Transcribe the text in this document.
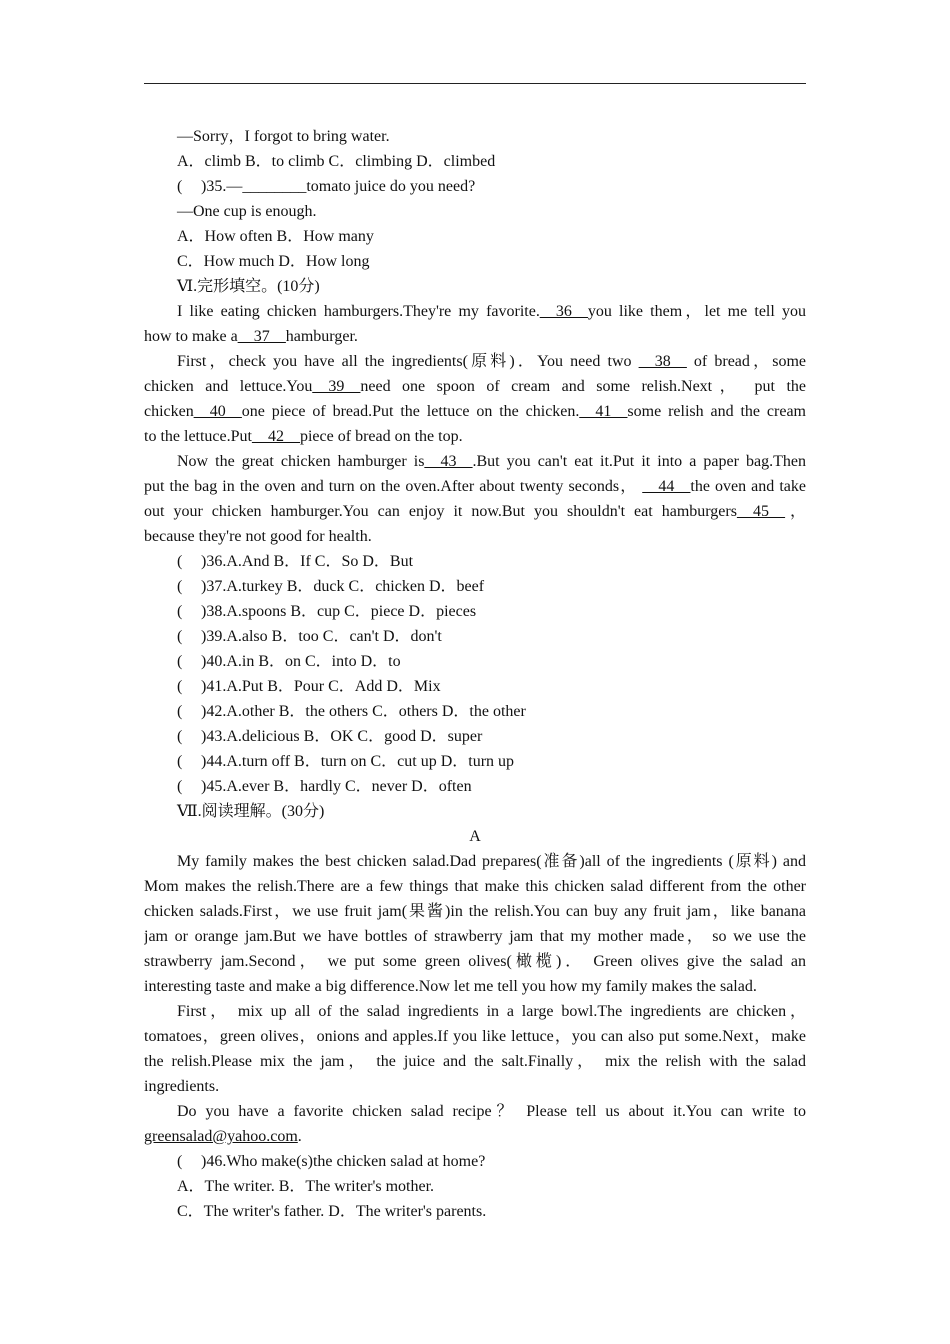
—Sorry，I forgot to bring water.
A．climb B．to climb C．climbing D．climbed
( )35.—________tomato juice do you need?
—One cup is enough.
A．How often B．How many
C．How much D．How long
Ⅵ.完形填空。(10分)
I like eating chicken hamburgers.They're my favorite.__36__you like them，let me tell you
how to make a__37__hamburger.
First，check you have all the ingredients(原料)．You need two __38__ of bread，some
chicken and lettuce.You__39__need one spoon of cream and some relish.Next， put the
chicken__40__one piece of bread.Put the lettuce on the chicken.__41__some relish and the cream
to the lettuce.Put__42__piece of bread on the top.
Now the great chicken hamburger is__43__.But you can't eat it.Put it into a paper bag.Then
put the bag in the oven and turn on the oven.After about twenty seconds， __44__the oven and take
out your chicken hamburger.You can enjoy it now.But you shouldn't eat hamburgers__45__，
because they're not good for health.
( )36.A.And B．If C．So D．But
( )37.A.turkey B．duck C．chicken D．beef
( )38.A.spoons B．cup C．piece D．pieces
( )39.A.also B．too C．can't D．don't
( )40.A.in B．on C．into D．to
( )41.A.Put B．Pour C．Add D．Mix
( )42.A.other B．the others C．others D．the other
( )43.A.delicious B．OK C．good D．super
( )44.A.turn off B．turn on C．cut up D．turn up
( )45.A.ever B．hardly C．never D．often
Ⅶ.阅读理解。(30分)
A
My family makes the best chicken salad.Dad prepares(准备)all of the ingredients (原料) and
Mom makes the relish.There are a few things that make this chicken salad different from the other
chicken salads.First，we use fruit jam(果酱)in the relish.You can buy any fruit jam，like banana
jam or orange jam.But we have bottles of strawberry jam that my mother made， so we use the
strawberry jam.Second， we put some green olives(橄榄)． Green olives give the salad an
interesting taste and make a big difference.Now let me tell you how my family makes the salad.
First， mix up all of the salad ingredients in a large bowl.The ingredients are chicken，
tomatoes，green olives，onions and apples.If you like lettuce，you can also put some.Next，make
the relish.Please mix the jam， the juice and the salt.Finally， mix the relish with the salad
ingredients.
Do you have a favorite chicken salad recipe？ Please tell us about it.You can write to
greensalad@yahoo.com.
( )46.Who make(s)the chicken salad at home?
A．The writer. B．The writer's mother.
C．The writer's father. D．The writer's parents.
